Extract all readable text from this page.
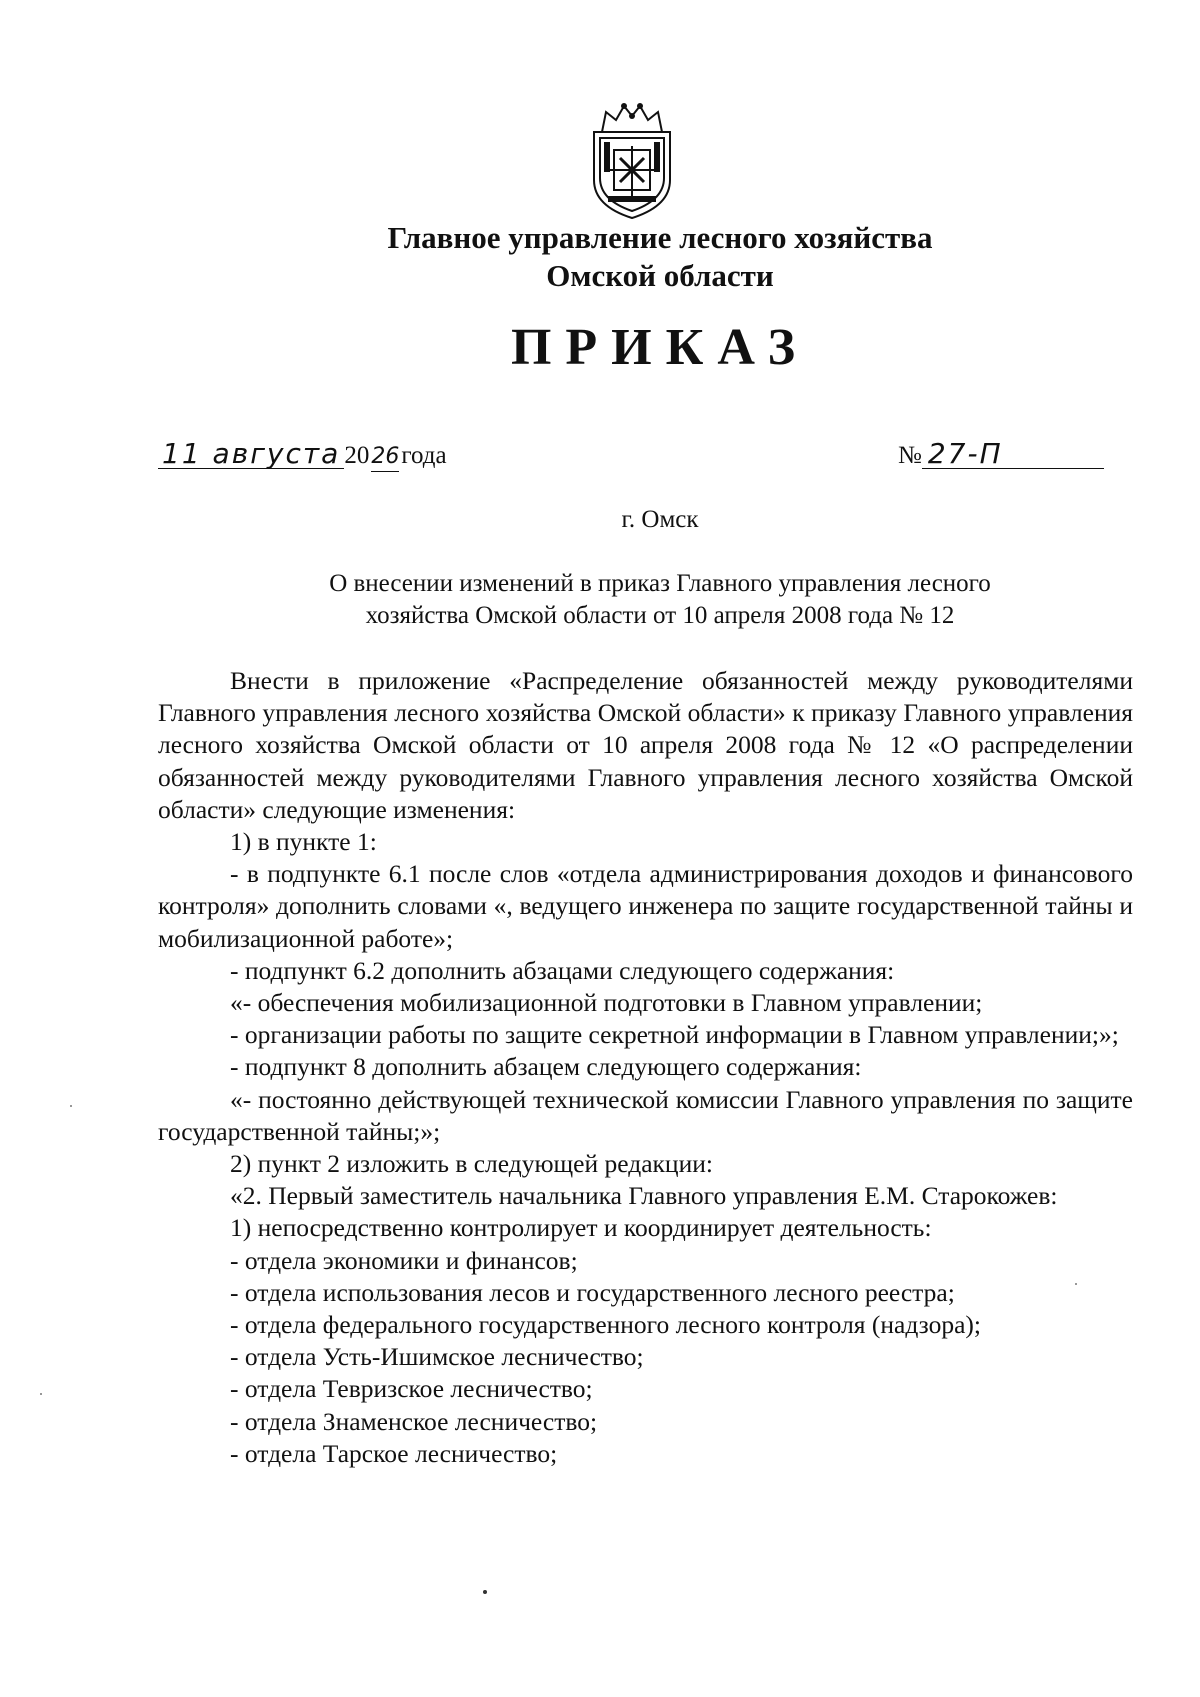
Главное управление лесного хозяйства
Омской области
ПРИКАЗ
11 августа 2026года	№ 27-П
г. Омск
О внесении изменений в приказ Главного управления лесного
хозяйства Омской области от 10 апреля 2008 года № 12

Внести в приложение «Распределение обязанностей между руководителями Главного управления лесного хозяйства Омской области» к приказу Главного управления лесного хозяйства Омской области от 10 апреля 2008 года № 12 «О распределении обязанностей между руководителями Главного управления лесного хозяйства Омской области» следующие изменения:

1) в пункте 1:

- в подпункте 6.1 после слов «отдела администрирования доходов и финансового контроля» дополнить словами «, ведущего инженера по защите государственной тайны и мобилизационной работе»;

- подпункт 6.2 дополнить абзацами следующего содержания:

«- обеспечения мобилизационной подготовки в Главном управлении;

- организации работы по защите секретной информации в Главном управлении;»;

- подпункт 8 дополнить абзацем следующего содержания:

«- постоянно действующей технической комиссии Главного управления по защите государственной тайны;»;

2) пункт 2 изложить в следующей редакции:

«2. Первый заместитель начальника Главного управления Е.М. Старокожев:

1) непосредственно контролирует и координирует деятельность:

- отдела экономики и финансов;

- отдела использования лесов и государственного лесного реестра;

- отдела федерального государственного лесного контроля (надзора);

- отдела Усть-Ишимское лесничество;

- отдела Тевризское лесничество;

- отдела Знаменское лесничество;

- отдела Тарское лесничество;
